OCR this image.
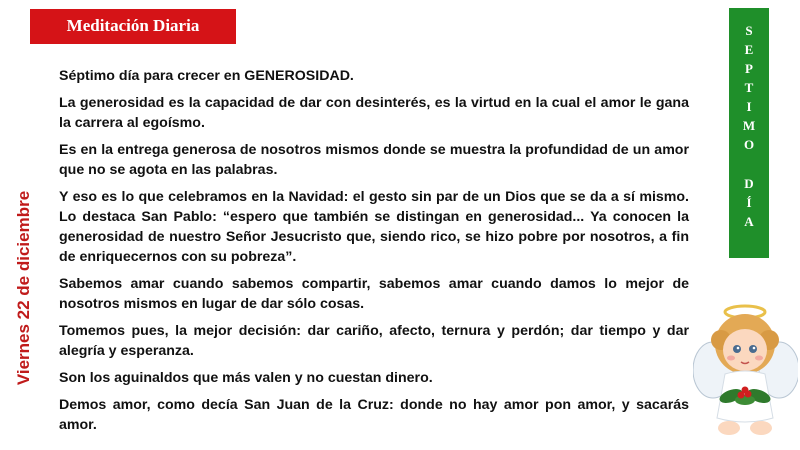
Meditación Diaria
Viernes 22 de diciembre
S
E
P
T
I
M
O
D
Í
A

Séptimo día para crecer en GENEROSIDAD.

La generosidad es la capacidad de dar con desinterés, es la virtud en la cual el amor le gana la carrera al egoísmo.

Es en la entrega generosa de nosotros mismos donde se muestra la profundidad de un amor que no se agota en las palabras.

Y eso es lo que celebramos en la Navidad: el gesto sin par de un Dios que se da a sí mismo. Lo destaca San Pablo: “espero que también se distingan en generosidad... Ya conocen la generosidad de nuestro Señor Jesucristo que, siendo rico, se hizo pobre por nosotros, a fin de enriquecernos con su pobreza”.

Sabemos amar cuando sabemos compartir, sabemos amar cuando damos lo mejor de nosotros mismos en lugar de dar sólo cosas.

Tomemos pues, la mejor decisión: dar cariño, afecto, ternura y perdón; dar tiempo y dar alegría y esperanza.

Son los aguinaldos que más valen y no cuestan dinero.

Demos amor, como decía San Juan de la Cruz: donde no hay amor pon amor, y sacarás amor.
